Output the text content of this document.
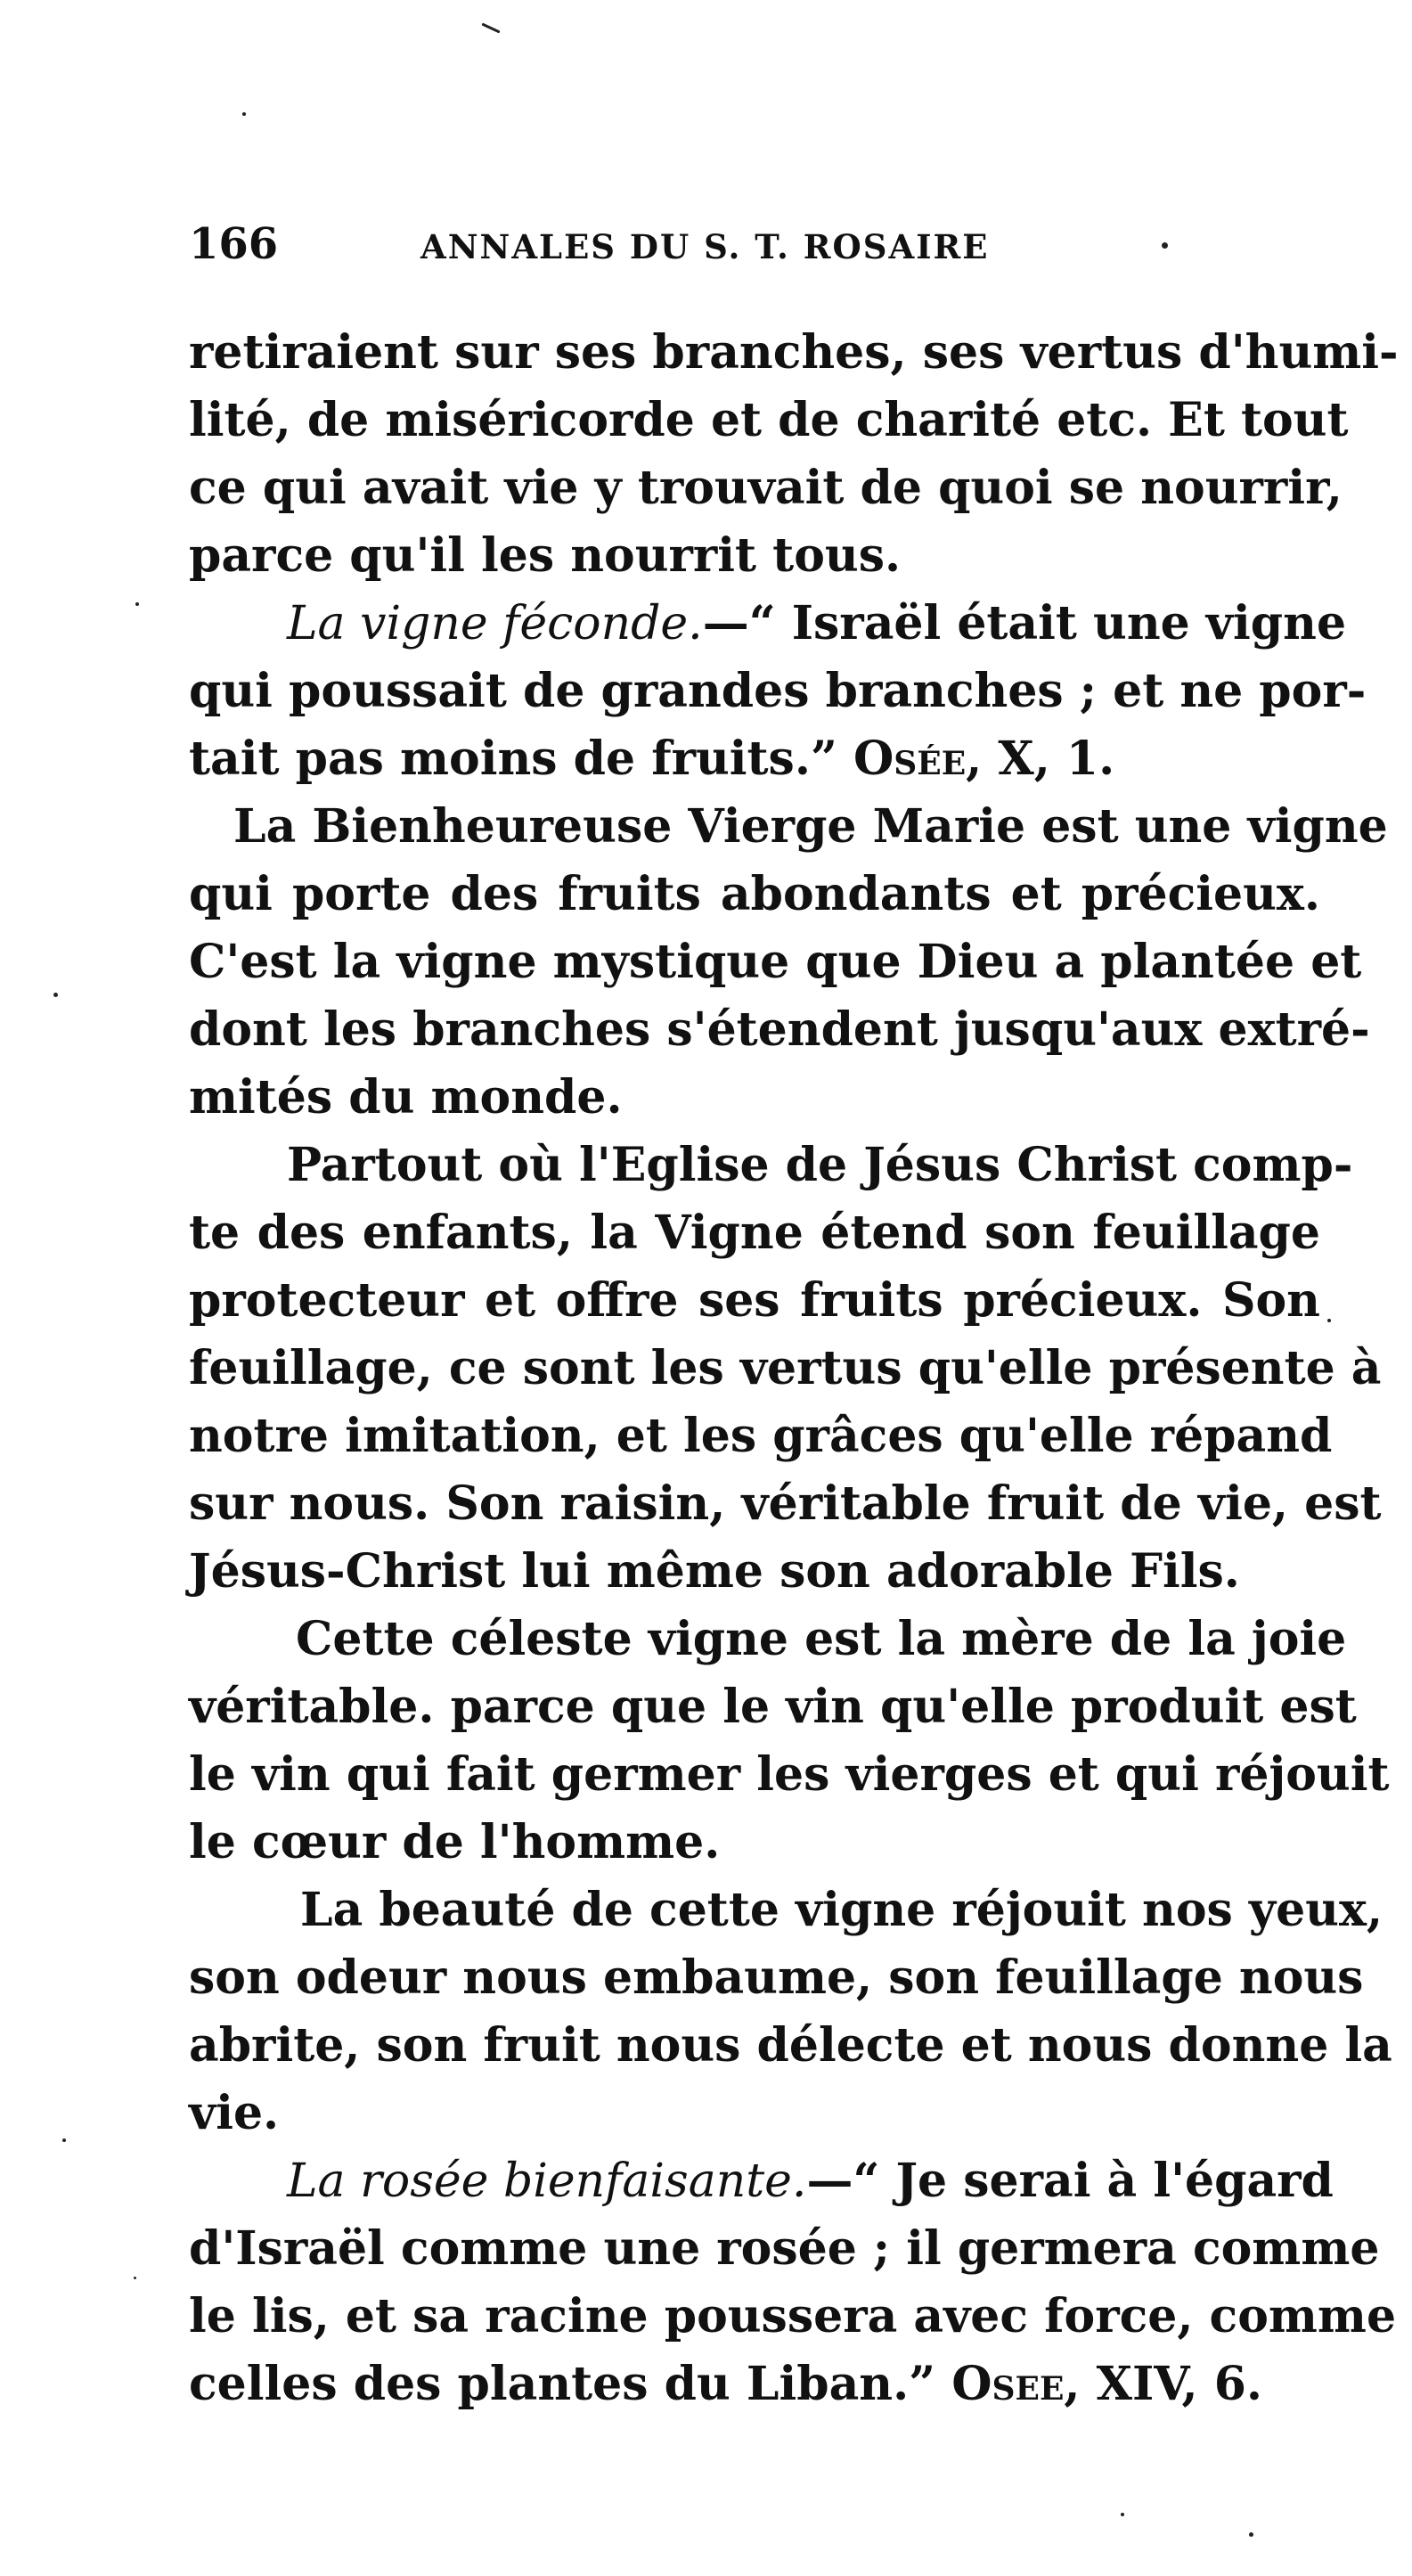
166	ANNALES DU S. T. ROSAIRE
retiraient sur ses branches, ses vertus d'humi-
lité, de miséricorde et de charité etc. Et tout
ce qui avait vie y trouvait de quoi se nourrir,
parce qu'il les nourrit tous.
La vigne féconde.—“ Israël était une vigne
qui poussait de grandes branches ; et ne por-
tait pas moins de fruits.” Osée, X, 1.
La Bienheureuse Vierge Marie est une vigne
qui porte des fruits abondants et précieux.
C'est la vigne mystique que Dieu a plantée et
dont les branches s'étendent jusqu'aux extré-
mités du monde.
Partout où l'Eglise de Jésus Christ comp-
te des enfants, la Vigne étend son feuillage
protecteur et offre ses fruits précieux. Son
feuillage, ce sont les vertus qu'elle présente à
notre imitation, et les grâces qu'elle répand
sur nous. Son raisin, véritable fruit de vie, est
Jésus-Christ lui même son adorable Fils.
Cette céleste vigne est la mère de la joie
véritable. parce que le vin qu'elle produit est
le vin qui fait germer les vierges et qui réjouit
le cœur de l'homme.
La beauté de cette vigne réjouit nos yeux,
son odeur nous embaume, son feuillage nous
abrite, son fruit nous délecte et nous donne la
vie.
La rosée bienfaisante.—“ Je serai à l'égard
d'Israël comme une rosée ; il germera comme
le lis, et sa racine poussera avec force, comme
celles des plantes du Liban.” Osee, XIV, 6.
